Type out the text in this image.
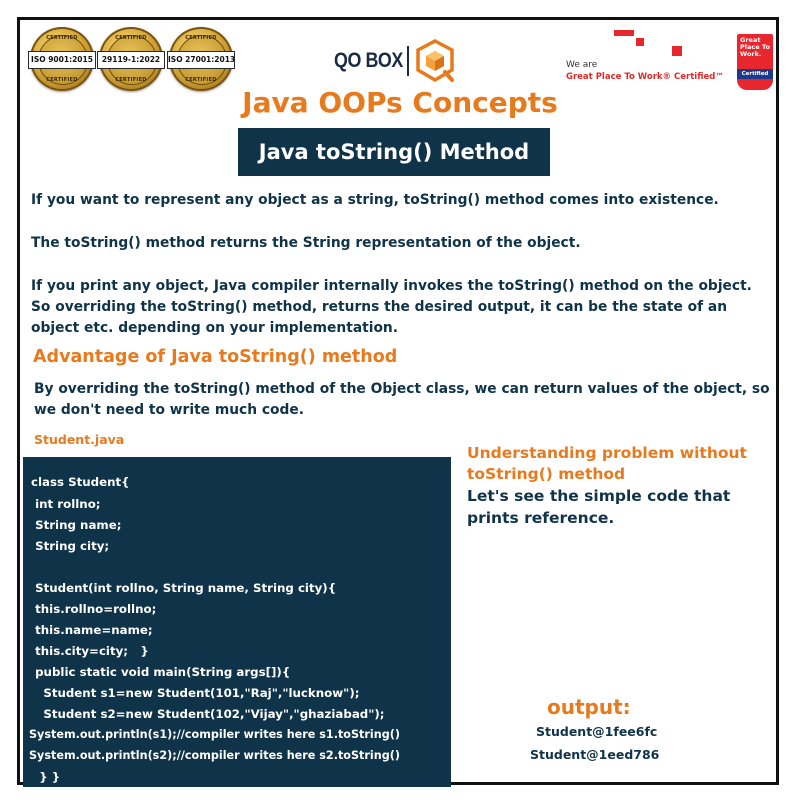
CERTIFIED
ISO 9001:2015
CERTIFIED
CERTIFIED
29119-1:2022
CERTIFIED
CERTIFIED
ISO 27001:2013
CERTIFIED
QO BOX	We are
Great Place To Work® Certified™
Great Place To Work.
Certified
Java OOPs Concepts
Java toString() Method
If you want to represent any object as a string, toString() method comes into existence.
The toString() method returns the String representation of the object.
If you print any object, Java compiler internally invokes the toString() method on the object. So overriding the toString() method, returns the desired output, it can be the state of an object etc. depending on your implementation.
Advantage of Java toString() method
By overriding the toString() method of the Object class, we can return values of the object, so we don't need to write much code.
Student.java
class Student{
int rollno;
String name;
String city;
Student(int rollno, String name, String city){
this.rollno=rollno;
this.name=name;
this.city=city;   }
public static void main(String args[]){
Student s1=new Student(101,"Raj","lucknow");
Student s2=new Student(102,"Vijay","ghaziabad");
System.out.println(s1);//compiler writes here s1.toString()
System.out.println(s2);//compiler writes here s2.toString()
} }
Understanding problem without  toString() method
Let's see the simple code that prints reference.
output:
Student@1fee6fc
Student@1eed786
